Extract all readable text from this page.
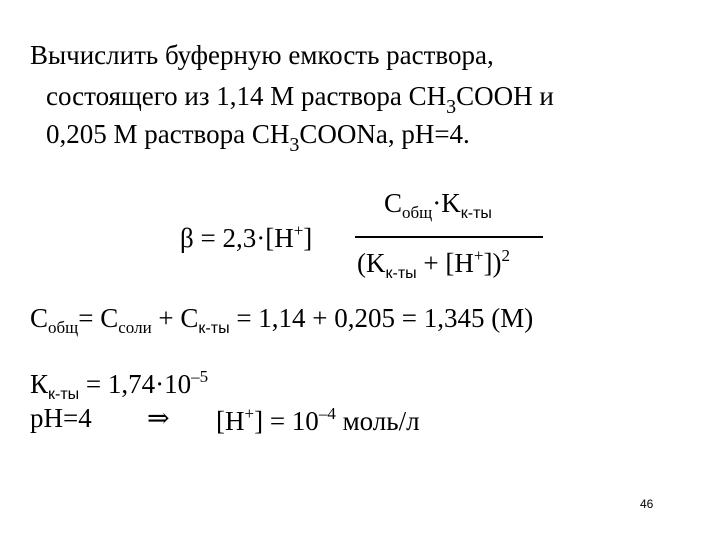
Вычислить буферную емкость раствора,
состоящего из 1,14 М раствора $СН_3СООН$ и
0,205 М раствора $СН_3COONa$, pH=4.
β = 2,3·[H+]
$С_{общ}\cdot K_{к-ты}$
$(K_{к-ты} + [H^+])^2$
$С_{общ}= С_{соли} + С_{к-ты} = 1,14 + 0,205 = 1,345$ (М)
$К_{к-ты} = 1,74\cdot 10^{-5}$
pH=4 ⇒ $[H^+] = 10^{-4}$ моль/л
46
